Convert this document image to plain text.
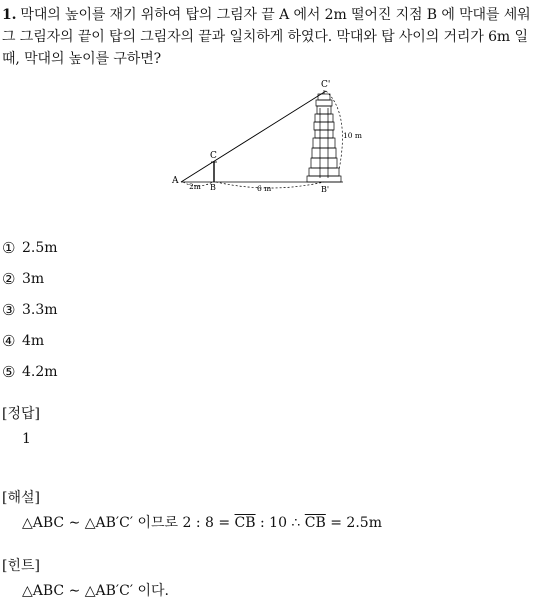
1. 막대의 높이를 재기 위하여 탑의 그림자 끝 A 에서 2m 떨어진 지점 B 에 막대를 세워 그 그림자의 끝이 탑의 그림자의 끝과 일치하게 하였다. 막대와 탑 사이의 거리가 6m 일 때, 막대의 높이를 구하면?
A
C
B
C'
B'
2m	6 m
10 m
① 2.5m
② 3m
③ 3.3m
④ 4m
⑤ 4.2m
[정답]
1
[해설]
△ABC ∼ △AB′C′ 이므로 2 : $8 = \overline{CB}$ : 10 ∴ $\overline{CB} = 2.5m$
[힌트]
△ABC ∼ △AB′C′ 이다.
